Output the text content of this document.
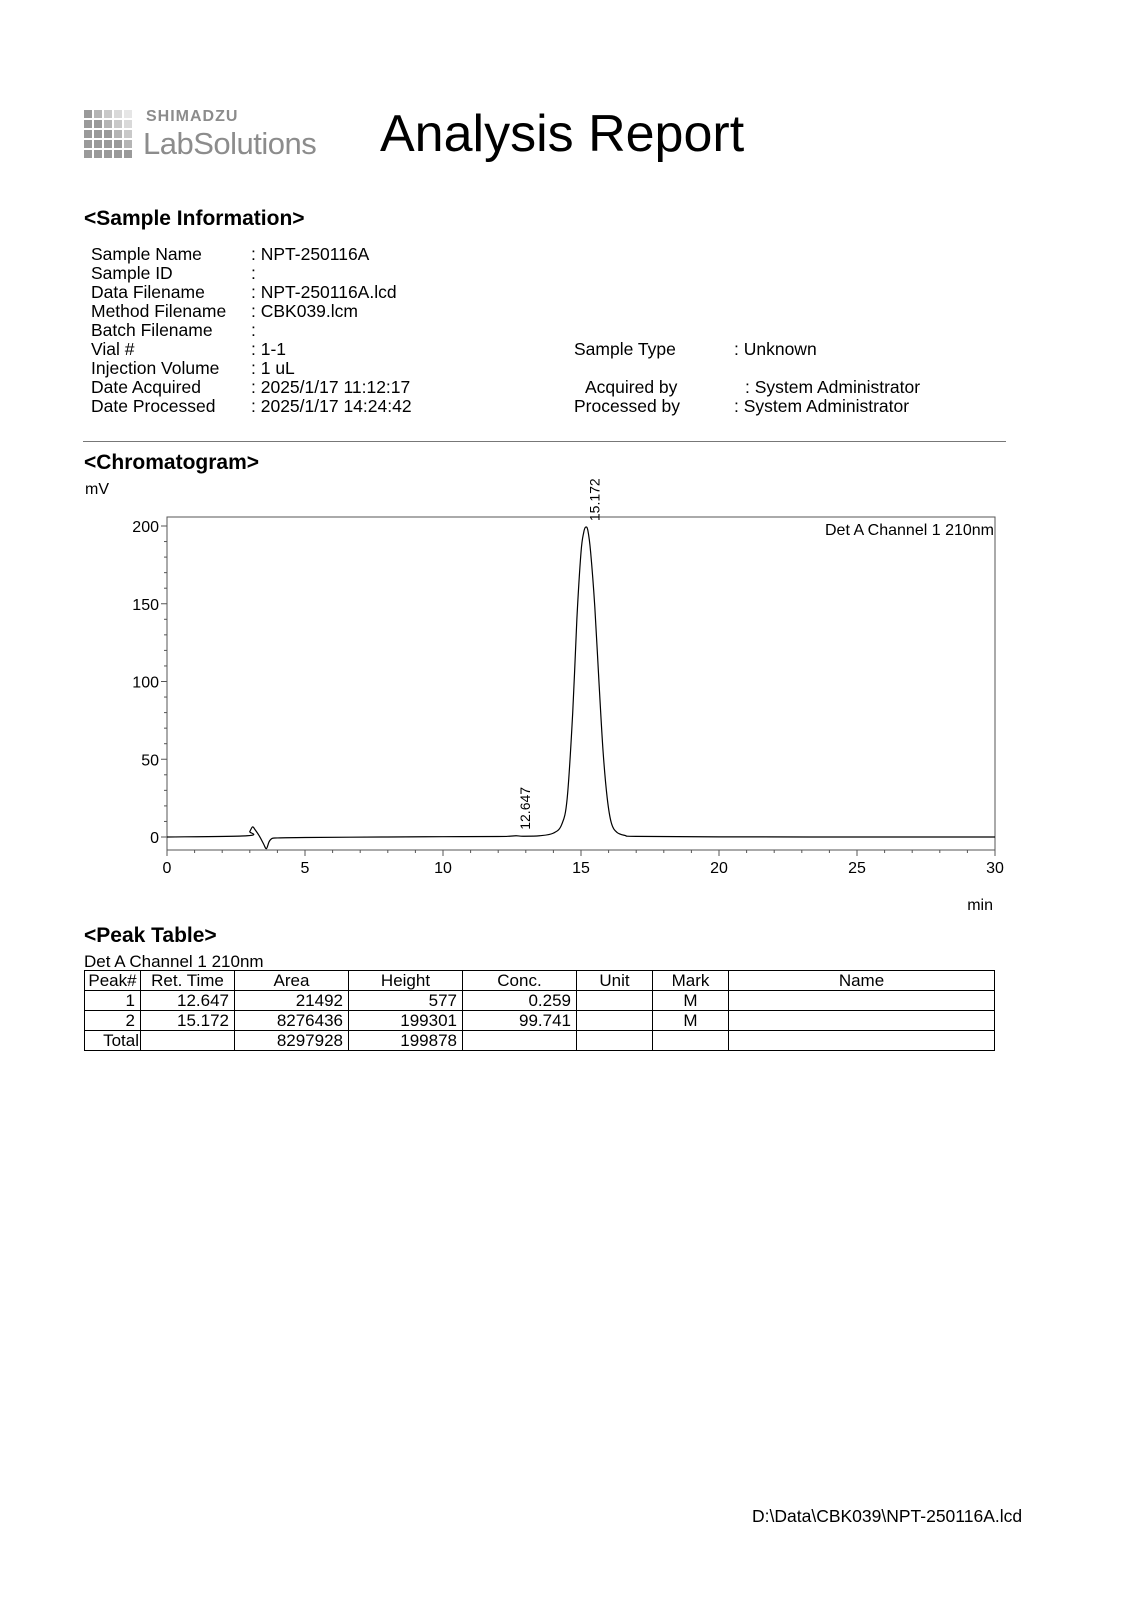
SHIMADZU
LabSolutions Analysis Report
<Sample Information>
Sample Name	: NPT-250116A
Sample ID	:
Data Filename	: NPT-250116A.lcd
Method Filename : CBK039.lcm
Batch Filename :
Vial #	: 1-1	Sample Type	: Unknown
Injection Volume : 1 uL
Date Acquired	: 2025/1/17 11:12:17	Acquired by	: System Administrator
Date Processed : 2025/1/17 14:24:42	Processed by	: System Administrator
<Chromatogram>
mV
0
50
100
150
200
0	5	10	15	20	25	30
Det A Channel 1 210nm
min
12.647
15.172
<Peak Table>
Det A Channel 1 210nm
Peak#	Ret. Time	Area	Height	Conc.	Unit	Mark	Name
1	12.647	21492	577	0.259		M	
2	15.172	8276436	199301	99.741		M	
Total		8297928	199878				
D:\Data\CBK039\NPT-250116A.lcd
